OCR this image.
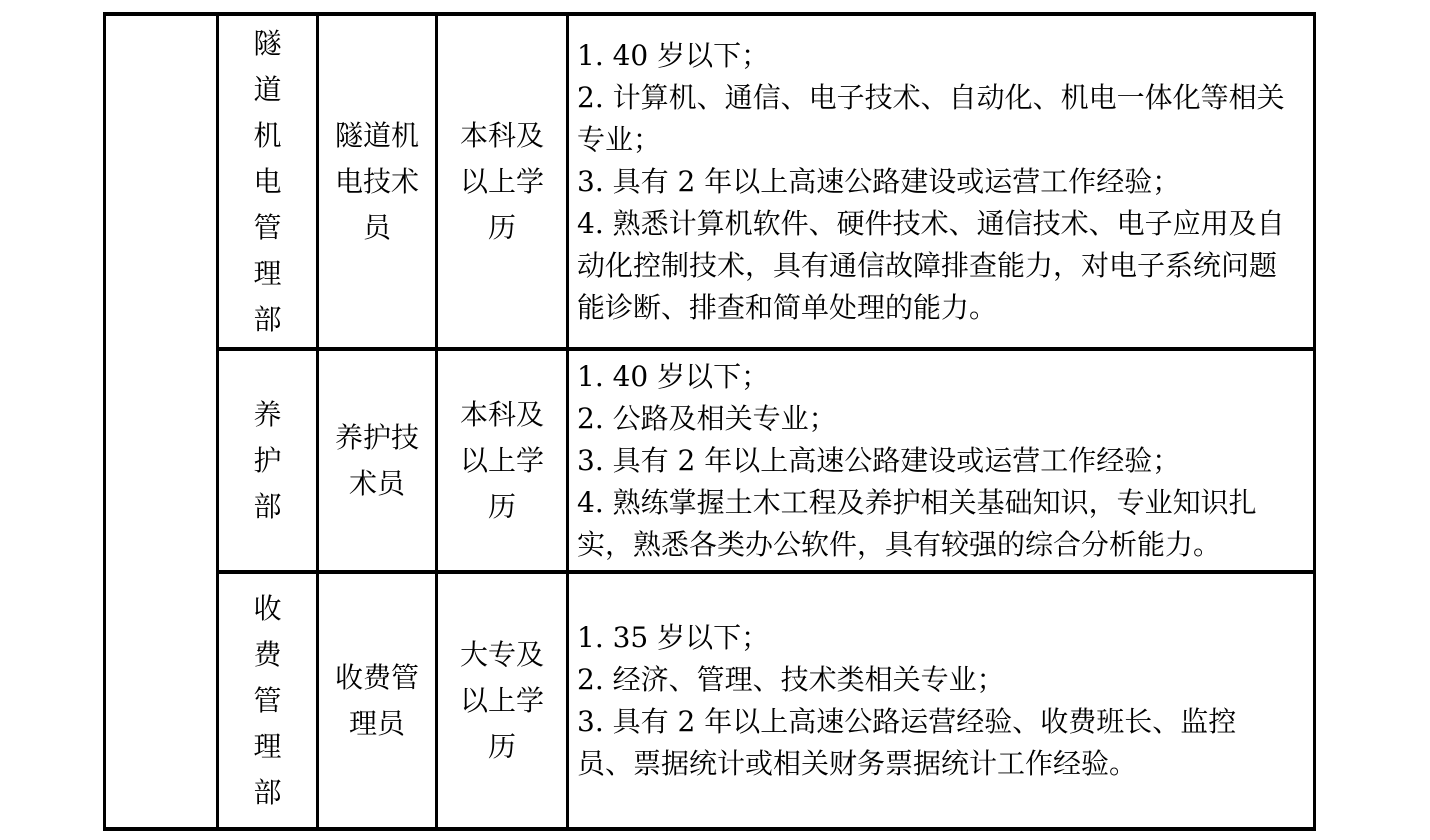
隧道机电管理部
隧道机电技术员
本科及以上学历

1. 40 岁以下；

2. 计算机、通信、电子技术、自动化、机电一体化等相关专业；

3. 具有 2 年以上高速公路建设或运营工作经验；

4. 熟悉计算机软件、硬件技术、通信技术、电子应用及自动化控制技术，具有通信故障排查能力，对电子系统问题能诊断、排查和简单处理的能力。

养护部
养护技术员
本科及以上学历

1. 40 岁以下；

2. 公路及相关专业；

3. 具有 2 年以上高速公路建设或运营工作经验；

4. 熟练掌握土木工程及养护相关基础知识，专业知识扎实，熟悉各类办公软件，具有较强的综合分析能力。

收费管理部
收费管理员
大专及以上学历

1. 35 岁以下；

2. 经济、管理、技术类相关专业；

3. 具有 2 年以上高速公路运营经验、收费班长、监控员、票据统计或相关财务票据统计工作经验。
